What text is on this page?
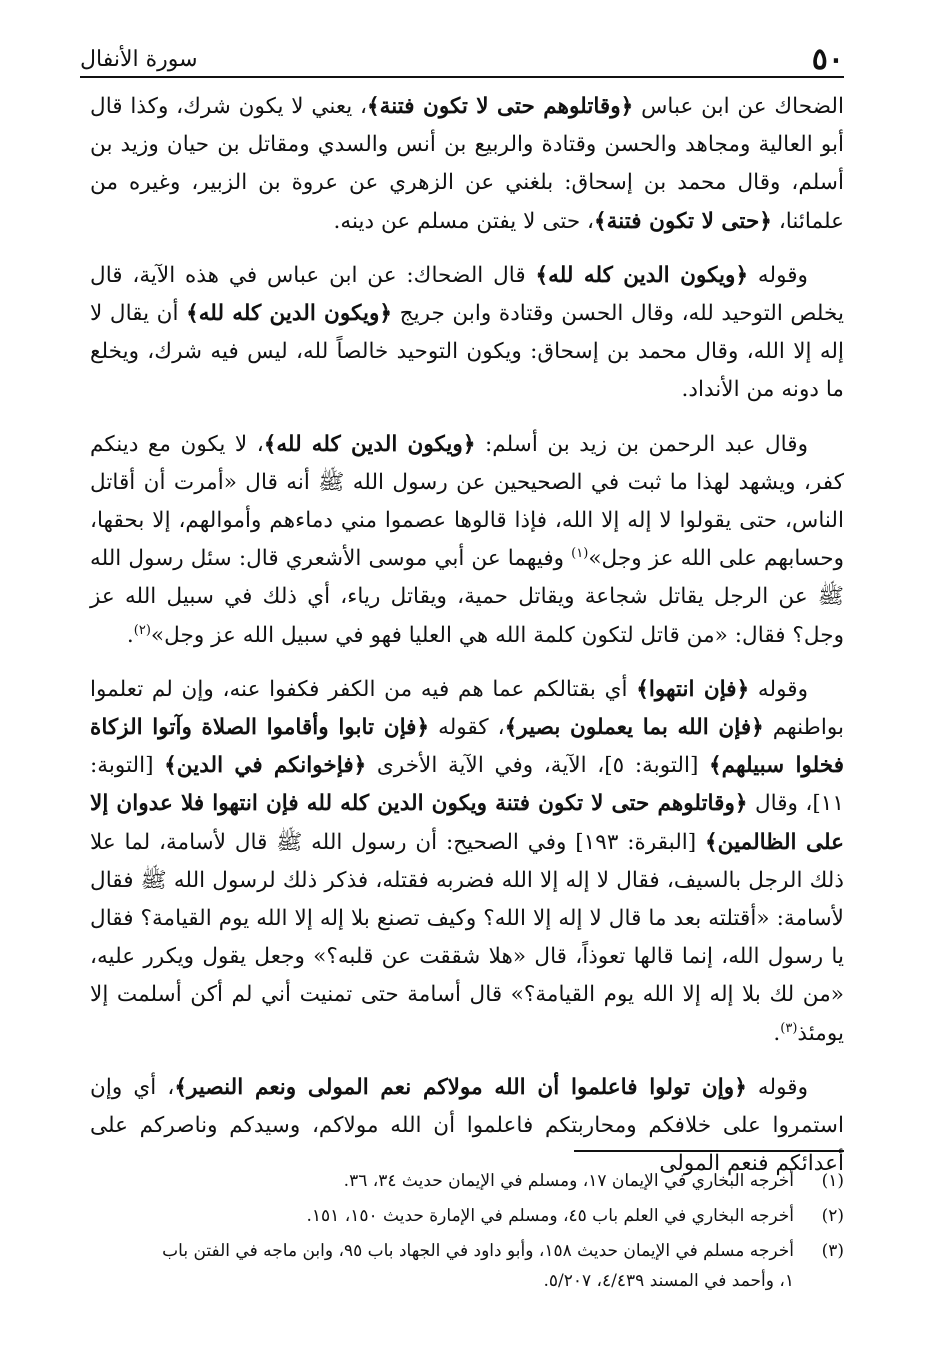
٥٠
سورة الأنفال

الضحاك عن ابن عباس ﴿وقاتلوهم حتى لا تكون فتنة﴾، يعني لا يكون شرك، وكذا قال أبو العالية ومجاهد والحسن وقتادة والربيع بن أنس والسدي ومقاتل بن حيان وزيد بن أسلم، وقال محمد بن إسحاق: بلغني عن الزهري عن عروة بن الزبير، وغيره من علمائنا، ﴿حتى لا تكون فتنة﴾، حتى لا يفتن مسلم عن دينه.

وقوله ﴿ويكون الدين كله لله﴾ قال الضحاك: عن ابن عباس في هذه الآية، قال يخلص التوحيد لله، وقال الحسن وقتادة وابن جريج ﴿ويكون الدين كله لله﴾ أن يقال لا إله إلا الله، وقال محمد بن إسحاق: ويكون التوحيد خالصاً لله، ليس فيه شرك، ويخلع ما دونه من الأنداد.

وقال عبد الرحمن بن زيد بن أسلم: ﴿ويكون الدين كله لله﴾، لا يكون مع دينكم كفر، ويشهد لهذا ما ثبت في الصحيحين عن رسول الله ﷺ أنه قال «أمرت أن أقاتل الناس، حتى يقولوا لا إله إلا الله، فإذا قالوها عصموا مني دماءهم وأموالهم، إلا بحقها، وحسابهم على الله عز وجل»$^{(١)}$ وفيهما عن أبي موسى الأشعري قال: سئل رسول الله ﷺ عن الرجل يقاتل شجاعة ويقاتل حمية، ويقاتل رياء، أي ذلك في سبيل الله عز وجل؟ فقال: «من قاتل لتكون كلمة الله هي العليا فهو في سبيل الله عز وجل»$^{(٢)}$.

وقوله ﴿فإن انتهوا﴾ أي بقتالكم عما هم فيه من الكفر فكفوا عنه، وإن لم تعلموا بواطنهم ﴿فإن الله بما يعملون بصير﴾، كقوله ﴿فإن تابوا وأقاموا الصلاة وآتوا الزكاة فخلوا سبيلهم﴾ [التوبة: ٥]، الآية، وفي الآية الأخرى ﴿فإخوانكم في الدين﴾ [التوبة: ١١]، وقال ﴿وقاتلوهم حتى لا تكون فتنة ويكون الدين كله لله فإن انتهوا فلا عدوان إلا على الظالمين﴾ [البقرة: ١٩٣] وفي الصحيح: أن رسول الله ﷺ قال لأسامة، لما علا ذلك الرجل بالسيف، فقال لا إله إلا الله فضربه فقتله، فذكر ذلك لرسول الله ﷺ فقال لأسامة: «أقتلته بعد ما قال لا إله إلا الله؟ وكيف تصنع بلا إله إلا الله يوم القيامة؟ فقال يا رسول الله، إنما قالها تعوذاً، قال «هلا شققت عن قلبه؟» وجعل يقول ويكرر عليه، «من لك بلا إله إلا الله يوم القيامة؟» قال أسامة حتى تمنيت أني لم أكن أسلمت إلا يومئذ$^{(٣)}$.

وقوله ﴿وإن تولوا فاعلموا أن الله مولاكم نعم المولى ونعم النصير﴾، أي وإن استمروا على خلافكم ومحاربتكم فاعلموا أن الله مولاكم، وسيدكم وناصركم على أعدائكم فنعم المولى

(١)
أخرجه البخاري في الإيمان ١٧، ومسلم في الإيمان حديث ٣٤، ٣٦.
(٢)
أخرجه البخاري في العلم باب ٤٥، ومسلم في الإمارة حديث ١٥٠، ١٥١.
(٣)
أخرجه مسلم في الإيمان حديث ١٥٨، وأبو داود في الجهاد باب ٩٥، وابن ماجه في الفتن باب ١، وأحمد في المسند ٤/٤٣٩، ٥/٢٠٧.
